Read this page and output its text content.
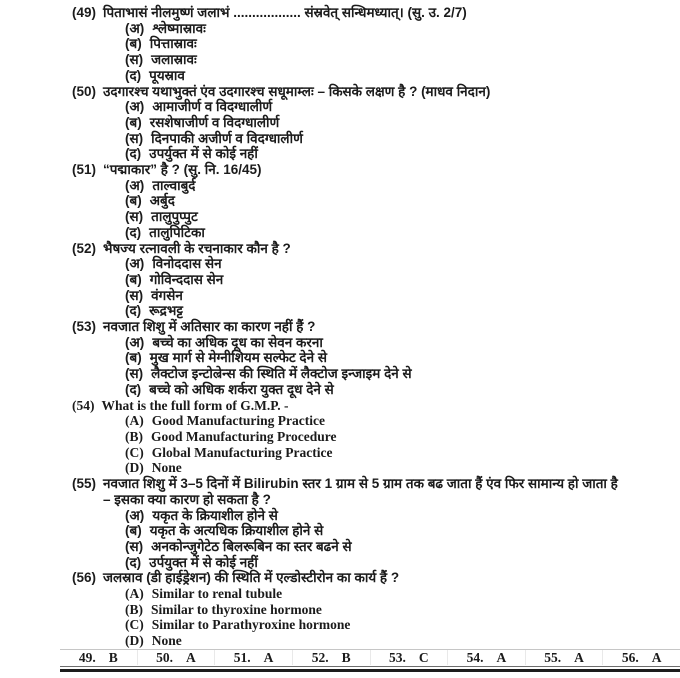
(49) पिताभासं नीलमुष्णं जलाभं .................. संस्रवेत् सन्धिमध्यात्। (सु. उ. 2/7)
(अ) श्लेष्मास्रावः
(ब) पित्तास्रावः
(स) जलास्रावः
(द) पूयस्राव
(50) उदगारश्च यथाभुक्तं एंव उदगारश्च सधूमाम्लः – किसके लक्षण है ? (माधव निदान)
(अ) आमाजीर्ण व विदग्धालीर्ण
(ब) रसशेषाजीर्ण व विदग्धालीर्ण
(स) दिनपाकी अजीर्ण व विदग्धालीर्ण
(द) उपर्युक्त में से कोई नहीं
(51) “पद्माकार” है ? (सु. नि. 16/45)
(अ) ताल्वाबुर्द
(ब) अर्बुद
(स) तालुपुप्पुट
(द) तालुपिटिका
(52) भैषज्य रत्नावली के रचनाकार कौन है ?
(अ) विनोददास सेन
(ब) गोविन्ददास सेन
(स) वंगसेन
(द) रूद्रभट्ट
(53) नवजात शिशु में अतिसार का कारण नहीं हैं ?
(अ) बच्चे का अधिक दूध का सेवन करना
(ब) मुख मार्ग से मेग्नीशियम सल्फेट देने से
(स) लैक्टोज इन्टोल्रेन्स की स्थिति में लैक्टोज इन्जाइम देने से
(द) बच्चे को अधिक शर्करा युक्त दूध देने से
(54) What is the full form of G.M.P. -
(A) Good Manufacturing Practice
(B) Good Manufacturing Procedure
(C) Global Manufacturing Practice
(D) None
(55) नवजात शिशु में 3–5 दिनों में Bilirubin स्तर 1 ग्राम से 5 ग्राम तक बढ जाता हैं एंव फिर सामान्य हो जाता है
– इसका क्या कारण हो सकता है ?
(अ) यकृत के क्रियाशील होने से
(ब) यकृत के अत्यधिक क्रियाशील होने से
(स) अनकोन्जुगेटेठ बिलरूबिन का स्तर बढने से
(द) उर्पयुक्त में से कोई नहीं
(56) जलस्राव (डी हाईड्रेशन) की स्थिति में एल्डोस्टीरोन का कार्य हैं ?
(A) Similar to renal tubule
(B) Similar to thyroxine hormone
(C) Similar to Parathyroxine hormone
(D) None
49. B	50. A	51. A	52. B	53. C	54. A	55. A	56. A
